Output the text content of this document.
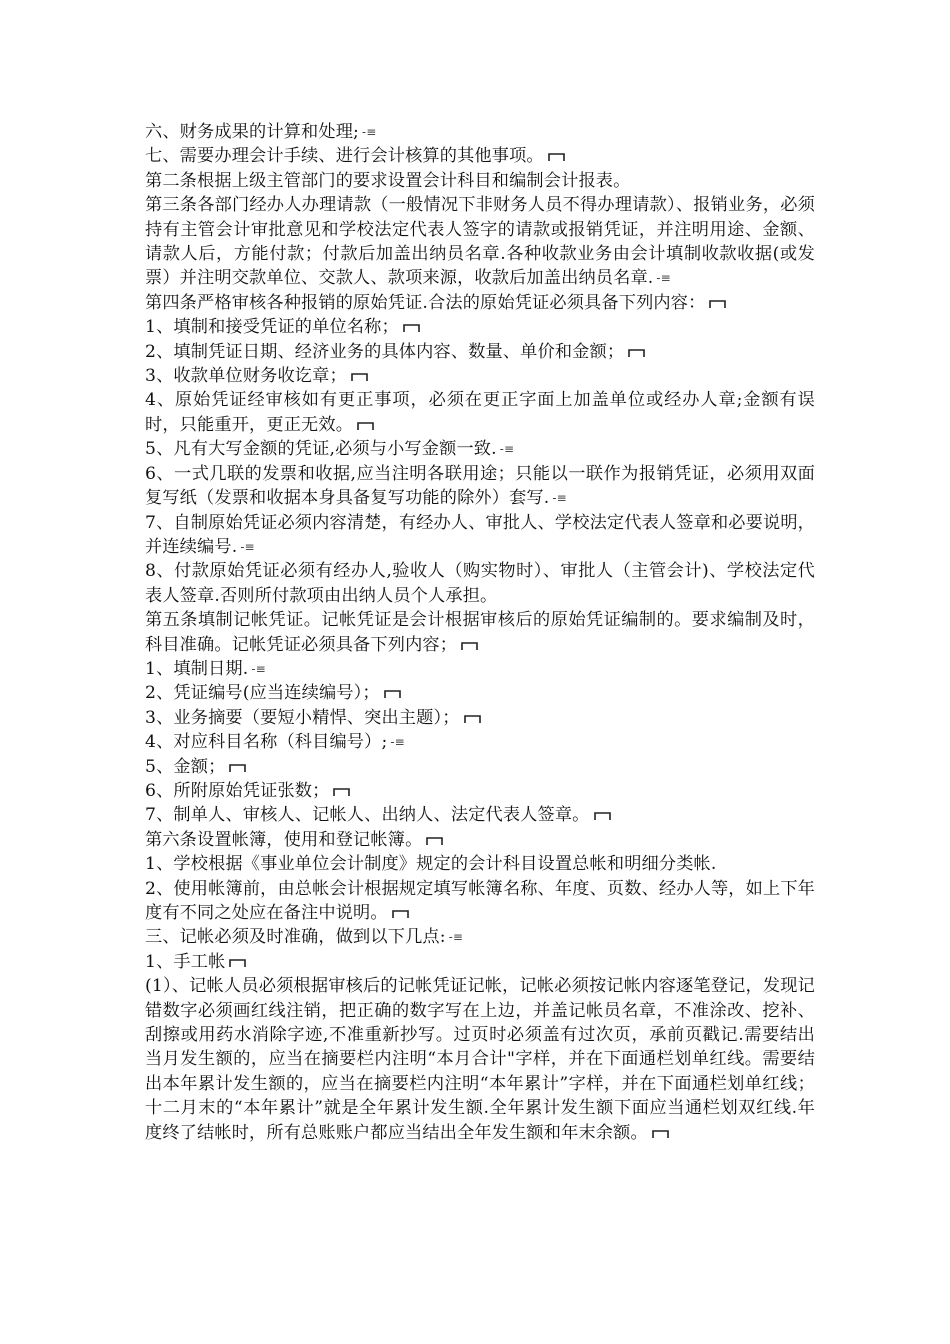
六、财务成果的计算和处理; -≡

七、需要办理会计手续、进行会计核算的其他事项。

第二条根据上级主管部门的要求设置会计科目和编制会计报表。

第三条各部门经办人办理请款（一般情况下非财务人员不得办理请款）、报销业务，必须持有主管会计审批意见和学校法定代表人签字的请款或报销凭证，并注明用途、金额、请款人后，方能付款；付款后加盖出纳员名章.各种收款业务由会计填制收款收据(或发票）并注明交款单位、交款人、款项来源，收款后加盖出纳员名章. -≡

第四条严格审核各种报销的原始凭证.合法的原始凭证必须具备下列内容：

1、填制和接受凭证的单位名称；

2、填制凭证日期、经济业务的具体内容、数量、单价和金额；

3、收款单位财务收讫章；

4、原始凭证经审核如有更正事项，必须在更正字面上加盖单位或经办人章;金额有误时，只能重开，更正无效。

5、凡有大写金额的凭证,必须与小写金额一致. -≡

6、一式几联的发票和收据,应当注明各联用途；只能以一联作为报销凭证，必须用双面复写纸（发票和收据本身具备复写功能的除外）套写. -≡

7、自制原始凭证必须内容清楚，有经办人、审批人、学校法定代表人签章和必要说明，并连续编号. -≡

8、付款原始凭证必须有经办人,验收人（购实物时）、审批人（主管会计)、学校法定代表人签章.否则所付款项由出纳人员个人承担。

第五条填制记帐凭证。记帐凭证是会计根据审核后的原始凭证编制的。要求编制及时，科目准确。记帐凭证必须具备下列内容；

1、填制日期. -≡

2、凭证编号(应当连续编号）；

3、业务摘要（要短小精悍、突出主题）；

4、对应科目名称（科目编号）; -≡

5、金额；

6、所附原始凭证张数；

7、制单人、审核人、记帐人、出纳人、法定代表人签章。

第六条设置帐簿，使用和登记帐簿。

1、学校根据《事业单位会计制度》规定的会计科目设置总帐和明细分类帐.

2、使用帐簿前，由总帐会计根据规定填写帐簿名称、年度、页数、经办人等，如上下年度有不同之处应在备注中说明。

三、记帐必须及时准确，做到以下几点: -≡

1、手工帐

(1）、记帐人员必须根据审核后的记帐凭证记帐，记帐必须按记帐内容逐笔登记，发现记错数字必须画红线注销，把正确的数字写在上边，并盖记帐员名章，不准涂改、挖补、刮擦或用药水消除字迹,不准重新抄写。过页时必须盖有过次页，承前页戳记.需要结出当月发生额的，应当在摘要栏内注明“本月合计"字样，并在下面通栏划单红线。需要结出本年累计发生额的，应当在摘要栏内注明“本年累计”字样，并在下面通栏划单红线；十二月末的“本年累计”就是全年累计发生额.全年累计发生额下面应当通栏划双红线.年度终了结帐时，所有总账账户都应当结出全年发生额和年末余额。
